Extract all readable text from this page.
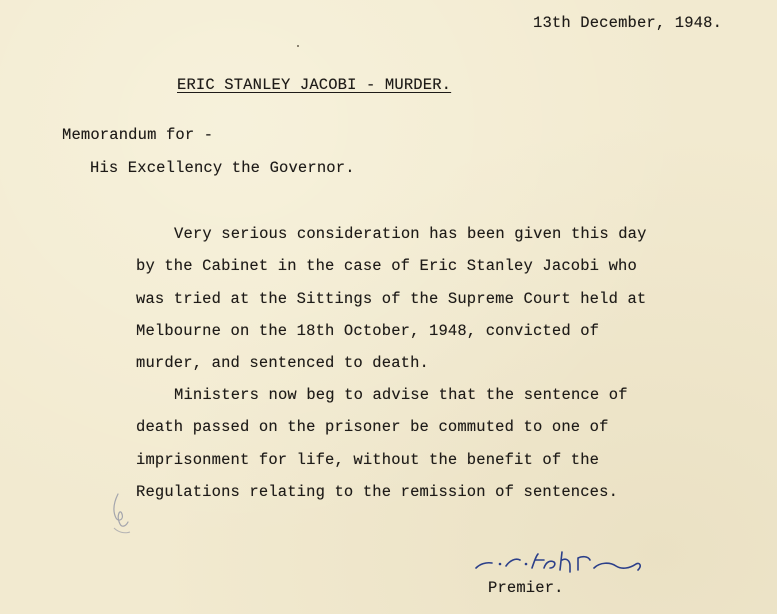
13th December, 1948.
ERIC STANLEY JACOBI - MURDER.
Memorandum for -
His Excellency the Governor.
Very serious consideration has been given this day
by the Cabinet in the case of Eric Stanley Jacobi who
was tried at the Sittings of the Supreme Court held at
Melbourne on the 18th October, 1948, convicted of
murder, and sentenced to death.
Ministers now beg to advise that the sentence of
death passed on the prisoner be commuted to one of
imprisonment for life, without the benefit of the
Regulations relating to the remission of sentences.
Premier.
